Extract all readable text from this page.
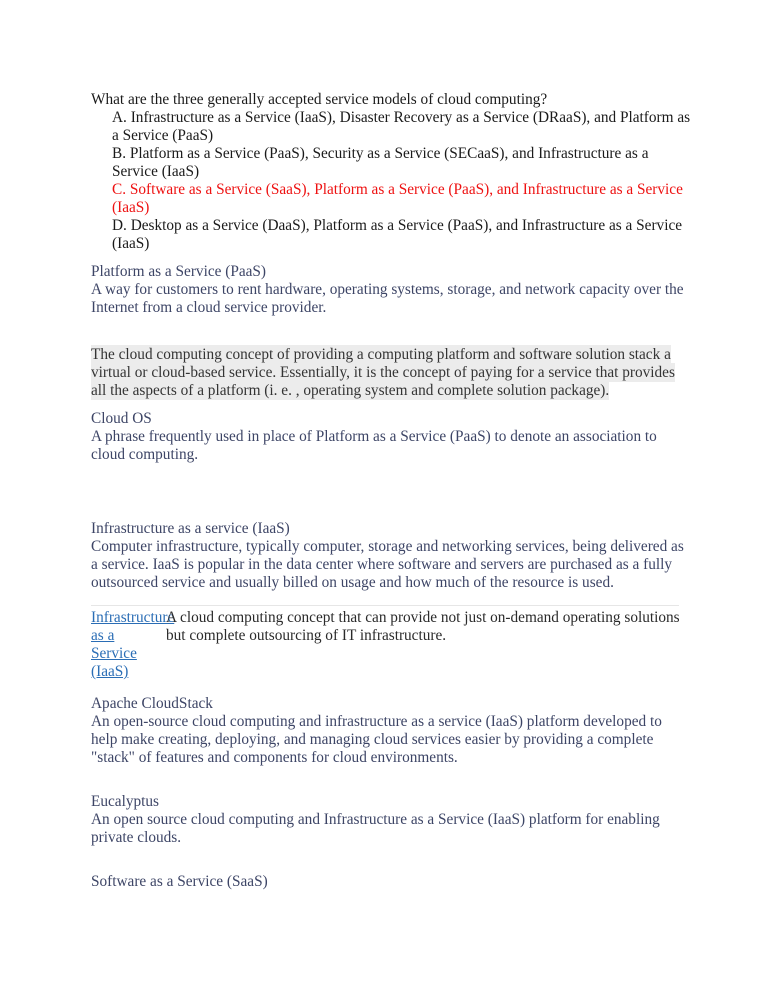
What are the three generally accepted service models of cloud computing?

A. Infrastructure as a Service (IaaS), Disaster Recovery as a Service (DRaaS), and Platform as a Service (PaaS)

B. Platform as a Service (PaaS), Security as a Service (SECaaS), and Infrastructure as a Service (IaaS)

C. Software as a Service (SaaS), Platform as a Service (PaaS), and Infrastructure as a Service (IaaS)

D. Desktop as a Service (DaaS), Platform as a Service (PaaS), and Infrastructure as a Service (IaaS)

Platform as a Service (PaaS)

A way for customers to rent hardware, operating systems, storage, and network capacity over the Internet from a cloud service provider.

The cloud computing concept of providing a computing platform and software solution stack a virtual or cloud-based service. Essentially, it is the concept of paying for a service that provides all the aspects of a platform (i. e. , operating system and complete solution package).

Cloud OS

A phrase frequently used in place of Platform as a Service (PaaS) to denote an association to cloud computing.

Infrastructure as a service (IaaS)

Computer infrastructure, typically computer, storage and networking services, being delivered as a service. IaaS is popular in the data center where software and servers are purchased as a fully outsourced service and usually billed on usage and how much of the resource is used.

Infrastructure as a Service (IaaS)
A cloud computing concept that can provide not just on-demand operating solutions but complete outsourcing of IT infrastructure.

Apache CloudStack

An open-source cloud computing and infrastructure as a service (IaaS) platform developed to help make creating, deploying, and managing cloud services easier by providing a complete "stack" of features and components for cloud environments.

Eucalyptus

An open source cloud computing and Infrastructure as a Service (IaaS) platform for enabling private clouds.

Software as a Service (SaaS)
